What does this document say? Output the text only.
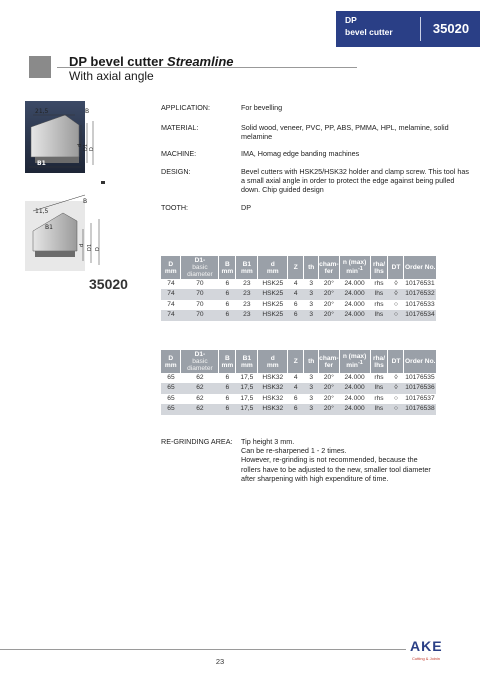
DP
bevel cutter	35020
DP bevel cutter Streamline
With axial angle
21,5	B
B1
d D1 D
11,5
B
B1
d D1 D
35020
APPLICATION:	For bevelling
MATERIAL:	Solid wood, veneer, PVC, PP, ABS, PMMA, HPL, melamine, solid melamine
MACHINE:	IMA, Homag edge banding machines
DESIGN:	Bevel cutters with HSK25/HSK32 holder and clamp screw. This tool has a small axial angle in order to protect the edge against being pulled down. Chip guided design
TOOTH:	DP
D
mm	D1-
basic
diameter	B
mm	B1
mm	d
mm	Z	th	cham-
fer	n (max)
$\min^{-1}$	rha/
lhs	DT	Order No.
74	70	6	23	HSK25	4	3	20°	24.000	rhs	◊	10176531
74	70	6	23	HSK25	4	3	20°	24.000	lhs	◊	10176532
74	70	6	23	HSK25	6	3	20°	24.000	rhs	○	10176533
74	70	6	23	HSK25	6	3	20°	24.000	lhs	○	10176534
D
mm	D1-
basic
diameter	B
mm	B1
mm	d
mm	Z	th	cham-
fer	n (max)
$\min^{-1}$	rha/
lhs	DT	Order No.
65	62	6	17,5	HSK32	4	3	20°	24.000	rhs	◊	10176535
65	62	6	17,5	HSK32	4	3	20°	24.000	lhs	◊	10176536
65	62	6	17,5	HSK32	6	3	20°	24.000	rhs	○	10176537
65	62	6	17,5	HSK32	6	3	20°	24.000	lhs	○	10176538
RE-GRINDING AREA: Tip height 3 mm.
Can be re-sharpened 1 - 2 times.
However, re-grinding is not recommended, because the
rollers have to be adjusted to the new, smaller tool diameter
after sharpening with high expenditure of time.
23
AKE
Cutting & Joinin
